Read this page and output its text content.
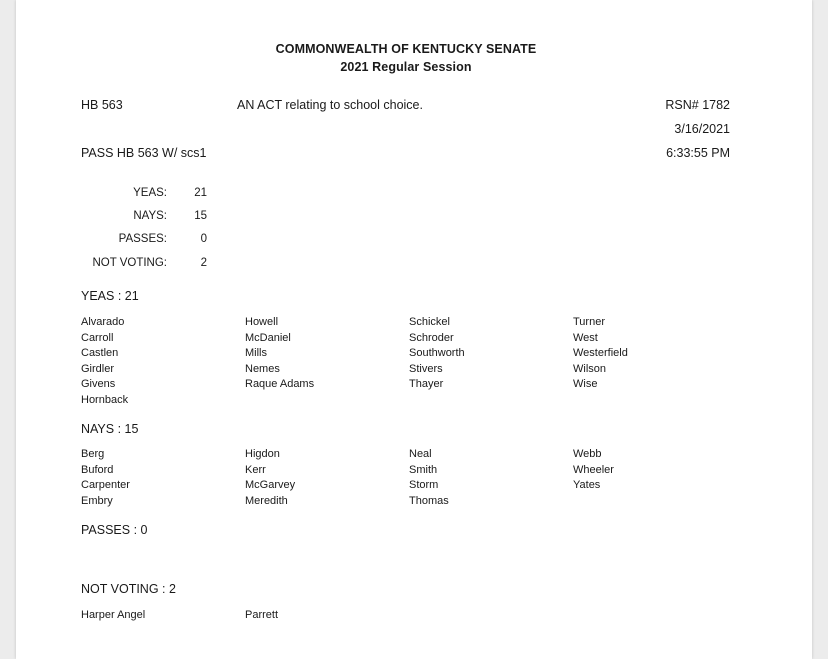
COMMONWEALTH OF KENTUCKY SENATE
2021 Regular Session
HB 563	AN ACT relating to school choice.	RSN# 1782
3/16/2021
PASS HB 563 W/ scs1	6:33:55 PM
YEAS:	21
NAYS:	15
PASSES:	0
NOT VOTING:	2
YEAS : 21
Alvarado	Howell	Schickel	Turner
Carroll	McDaniel	Schroder	West
Castlen	Mills	Southworth	Westerfield
Girdler	Nemes	Stivers	Wilson
Givens	Raque Adams	Thayer	Wise
Hornback
NAYS : 15
Berg	Higdon	Neal	Webb
Buford	Kerr	Smith	Wheeler
Carpenter	McGarvey	Storm	Yates
Embry	Meredith	Thomas
PASSES : 0
NOT VOTING : 2
Harper Angel	Parrett
